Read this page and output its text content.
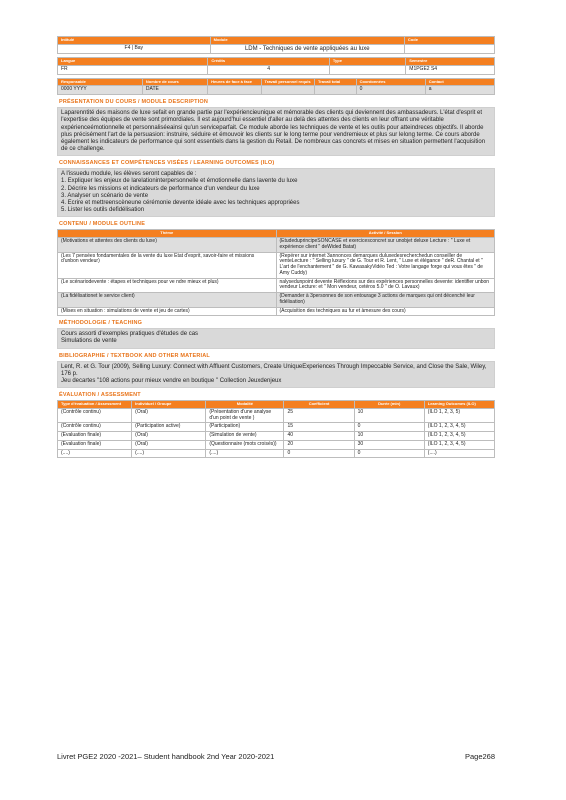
Intitulé	Module	Code
F4 | Bay	LDM - Techniques de vente appliquées au luxe	
Langue	Crédits	Type	Semestre
FR	4		M1PGE2 S4
Responsable	Nombre de cours	Heures de face à face	Travail personnel requis	Travail total	Coordonnées	Contact
0000 YYYY	DATE				0	a
PRÉSENTATION DU COURS / MODULE DESCRIPTION
Laparenntité des maisons de luxe sefait en grande partie par l'expériencieunique et mémorable des clients qui deviennent des ambassadeurs. L'état d'esprit et l'expertise des équipes de vente sont primordiales. Il est aujourd'hui essentiel d'aller au delà des attentes des clients en leur offrant une véritable expérienceémotionnelle et personnaliséeainsi qu'un serviceparfait. Ce module aborde les techniques de vente et les outils pour atteindreces objectifs. Il aborde plus précisément l'art de la persuasion: instruire, séduire et émouvoir les clients sur le long terme pour vendremieux et plus sur lelong terme. Ce cours aborde également les indicateurs de performance qui sont essentiels dans la gestion du Retail. De nombreux cas concrets et mises en situation permettent l'acquisition de ce challenge.
CONNAISSANCES ET COMPÉTENCES VISÉES / LEARNING OUTCOMES (ILO)
A l'issuedu module, les élèves seront capables de :
1. Expliquer les enjeux de larelationinterpersonnelle et émotionnelle dans lavente du luxe
2. Décrire les missions et indicateurs de performance d'un vendeur du luxe
3. Analyser un scénario de vente
4. Ecrire et mettreenscèneune cérémonie devente idéale avec les techniques appropriées
5. Lister les outils defidélisation
CONTENU / MODULE OUTLINE
Thème	Activité / Session
(Motivations et attentes des clients du luxe)	(EtudeduprincipeSONCASE et exercicesconcret sur unobjet deluxe Lecture : " Luxe et expérience client " deWided Batat)
(Les 7 pensées fondamentales de la vente du luxe Etat d'esprit, savoir-faire et missions d'unbon vendeur)	(Repérer sur internet 3annonces demarques duluxedesrecherchedun conseiller de venteLecture : " Selling luxury " de G. Tour et R. Lent, " Luxe et élégance " deR. Chantal et " L'art de l'enchantement " de G. KawasakyVidéo Ted : Votre langage forge qui vous êtes " de Amy Cuddy)
(Le scénariodevente : étapes et techniques pour ve ndre mieux et plus)	nalysedunpoint devente Réflexions sur des expériences personnelles devente: identifier unbon vendeur Lecture: et " Mon vendeur, cetéros 5.0 " de O. Lavaux)
(La fidélisationet le service client)	(Demander à 3personnes de son entourage 3 actions de marques qui ont décenché leur fidélisation)
(Mises en situation : simulations de vente et jeu de cartes)	(Acquisition des techniques au fur et àmesure des cours)
MÉTHODOLOGIE / TEACHING
Cours assorti d'exemples pratiques d'études de cas
Simulations de vente
BIBLIOGRAPHIE / TEXTBOOK AND OTHER MATERIAL
Lent, R. et G. Tour (2009), Selling Luxury: Connect with Affluent Customers, Create UniqueExperiences Through Impeccable Service, and Close the Sale, Wiley, 176 p.
Jeu decartes "108 actions pour mieux vendre en boutique " Collection Jeuxdenjeux
ÉVALUATION / ASSESSMENT
Type d'évaluation / Assessment	Individuel / Groupe	Modalité	Coefficient	Durée (min)	Learning Outcomes (ILO)
(Contrôle continu)	(Oral)	(Présentation d'une analyse d'un point de vente )	25	10	(ILO 1, 2, 3, 5)
(Contrôle continu)	(Participation active)	(Participation)	15	0	(ILO 1, 2, 3, 4, 5)
(Evaluation finale)	(Oral)	(Simulation de vente)	40	10	(ILO 1, 2, 3, 4, 5)
(Evaluation finale)	(Oral)	(Questionnaire (mots croisés))	20	30	(ILO 1, 2, 3, 4, 5)
(....)	(....)	(....)	0	0	(....)
Livret PGE2 2020 -2021– Student handbook 2nd Year 2020-2021	Page268
